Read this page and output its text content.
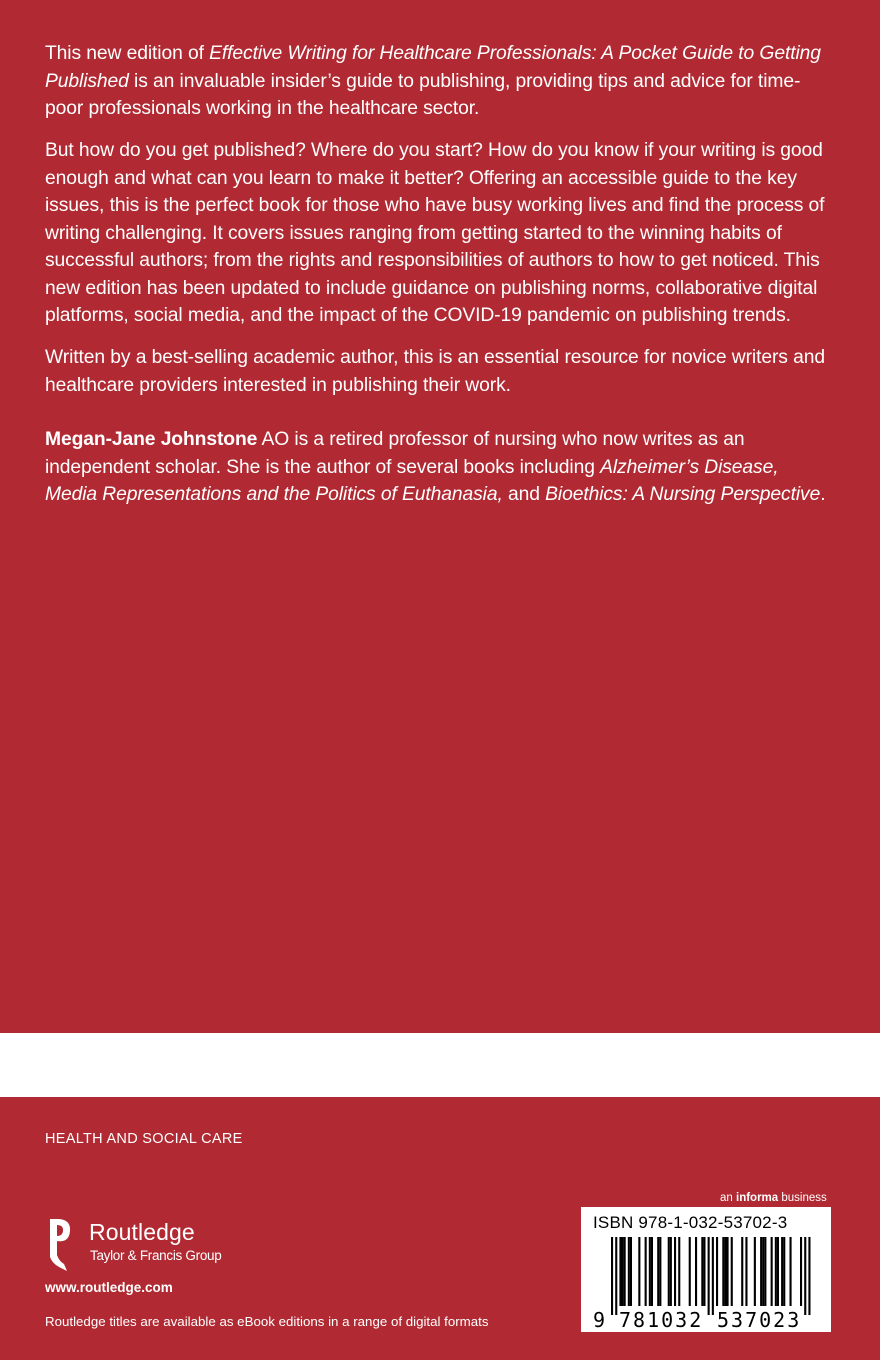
This new edition of Effective Writing for Healthcare Professionals: A Pocket Guide to Getting Published is an invaluable insider’s guide to publishing, providing tips and advice for time-poor professionals working in the healthcare sector.

But how do you get published? Where do you start? How do you know if your writing is good enough and what can you learn to make it better? Offering an accessible guide to the key issues, this is the perfect book for those who have busy working lives and find the process of writing challenging. It covers issues ranging from getting started to the winning habits of successful authors; from the rights and responsibilities of authors to how to get noticed. This new edition has been updated to include guidance on publishing norms, collaborative digital platforms, social media, and the impact of the COVID-19 pandemic on publishing trends.

Written by a best-selling academic author, this is an essential resource for novice writers and healthcare providers interested in publishing their work.

Megan-Jane Johnstone AO is a retired professor of nursing who now writes as an independent scholar. She is the author of several books including Alzheimer’s Disease, Media Representations and the Politics of Euthanasia, and Bioethics: A Nursing Perspective.

HEALTH AND SOCIAL CARE
ROUTLEDGE
Routledge
Taylor & Francis Group
www.routledge.com
Routledge titles are available as eBook editions in a range of digital formats
an informa business
ISBN 978-1-032-53702-3
9 781032 537023
